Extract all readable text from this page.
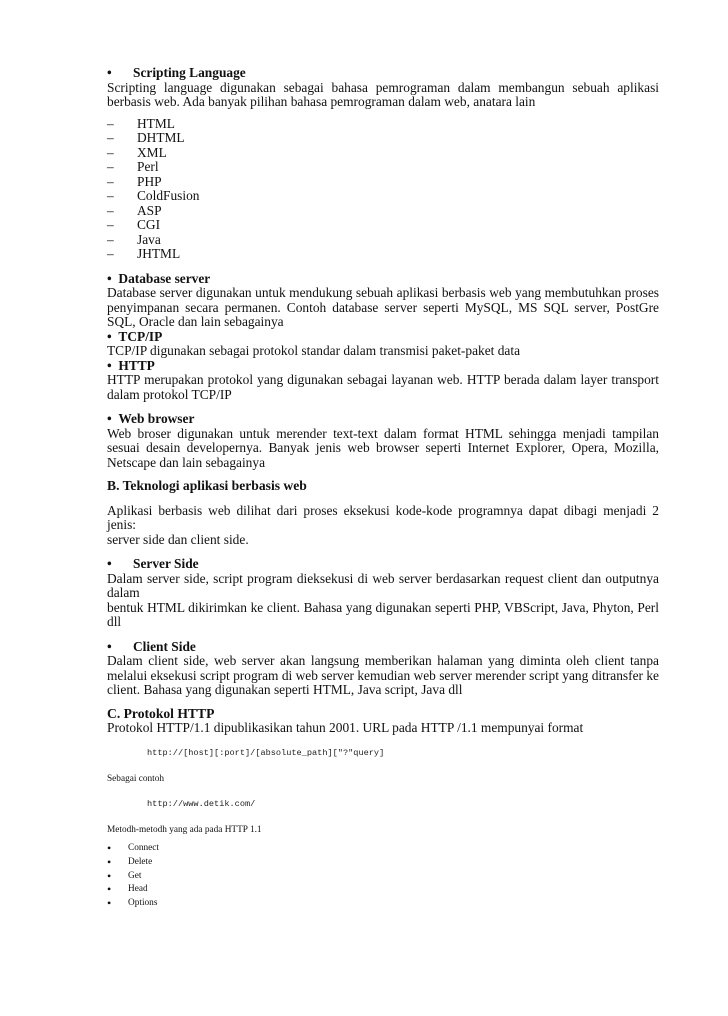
• Scripting Language

Scripting language digunakan sebagai bahasa pemrograman dalam membangun sebuah aplikasi berbasis web. Ada banyak pilihan bahasa pemrograman dalam web, anatara lain

– HTML
– DHTML
– XML
– Perl
– PHP
– ColdFusion
– ASP
– CGI
– Java
– JHTML

• Database server

Database server digunakan untuk mendukung sebuah aplikasi berbasis web yang membutuhkan proses penyimpanan secara permanen. Contoh database server seperti MySQL, MS SQL server, PostGre SQL, Oracle dan lain sebagainya

• TCP/IP

TCP/IP digunakan sebagai protokol standar dalam transmisi paket-paket data

• HTTP

HTTP merupakan protokol yang digunakan sebagai layanan web. HTTP berada dalam layer transport dalam protokol TCP/IP

• Web browser

Web broser digunakan untuk merender text-text dalam format HTML sehingga menjadi tampilan sesuai desain developernya. Banyak jenis web browser seperti Internet Explorer, Opera, Mozilla, Netscape dan lain sebagainya

B. Teknologi aplikasi berbasis web

Aplikasi berbasis web dilihat dari proses eksekusi kode-kode programnya dapat dibagi menjadi 2 jenis:

server side dan client side.

• Server Side

Dalam server side, script program dieksekusi di web server berdasarkan request client dan outputnya dalam

bentuk HTML dikirimkan ke client. Bahasa yang digunakan seperti PHP, VBScript, Java, Phyton, Perl dll

• Client Side

Dalam client side, web server akan langsung memberikan halaman yang diminta oleh client tanpa melalui eksekusi script program di web server kemudian web server merender script yang ditransfer ke client. Bahasa yang digunakan seperti HTML, Java script, Java dll

C. Protokol HTTP

Protokol HTTP/1.1 dipublikasikan tahun 2001. URL pada HTTP /1.1 mempunyai format

http://[host][:port]/[absolute_path]["?"query]

Sebagai contoh

http://www.detik.com/

Metodh-metodh yang ada pada HTTP 1.1

• Connect
• Delete
• Get
• Head
• Options
